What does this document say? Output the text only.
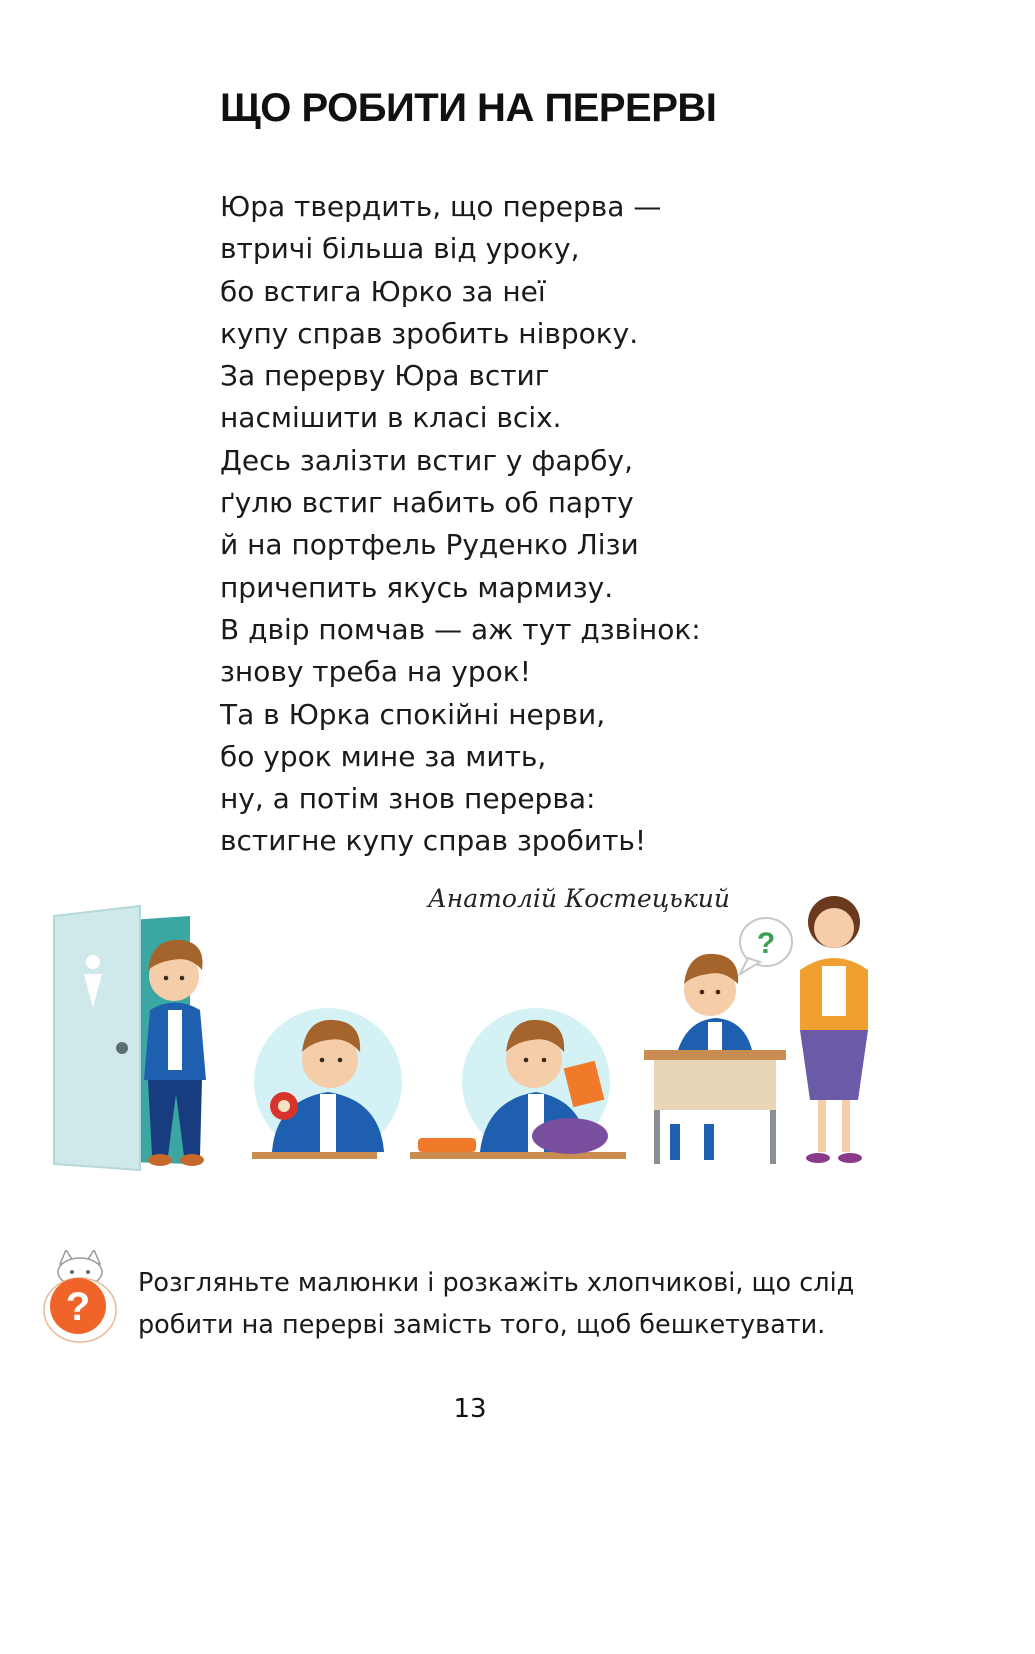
ЩО РОБИТИ НА ПЕРЕРВІ
Юра твердить, що перерва —
втричі більша від уроку,
бо встига Юрко за неї
купу справ зробить нівроку.
За перерву Юра встиг
насмішити в класі всіх.
Десь залізти встиг у фарбу,
ґулю встиг набить об парту
й на портфель Руденко Лізи
причепить якусь мармизу.
В двір помчав — аж тут дзвінок:
знову треба на урок!
Та в Юрка спокійні нерви,
бо урок мине за мить,
ну, а потім знов перерва:
встигне купу справ зробить!
Анатолій Костецький
?
?
Розгляньте малюнки і розкажіть хлопчикові, що слід
робити на перерві замість того, щоб бешкетувати.
13
